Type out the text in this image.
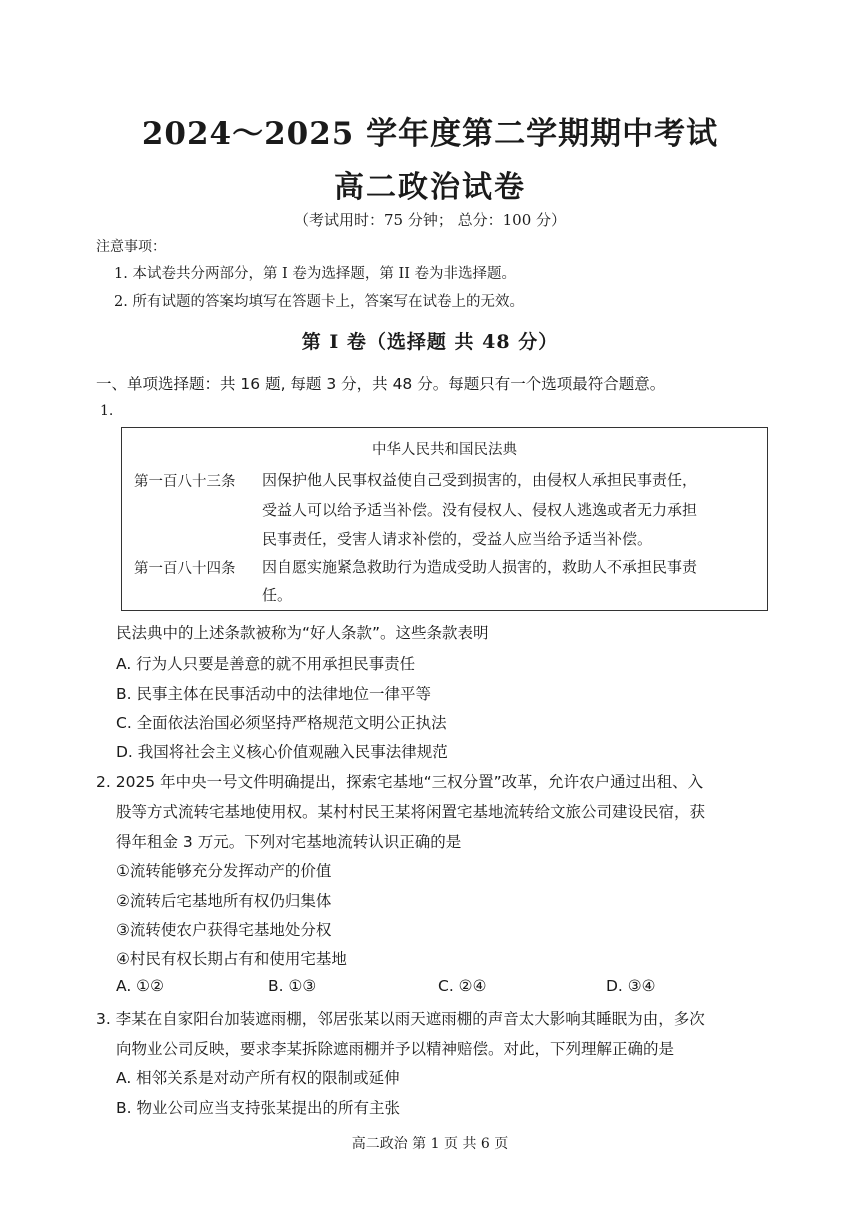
2024～2025 学年度第二学期期中考试
高二政治试卷
（考试用时：75 分钟； 总分：100 分）
注意事项：
1. 本试卷共分两部分，第 I 卷为选择题，第 II 卷为非选择题。
2. 所有试题的答案均填写在答题卡上，答案写在试卷上的无效。
第 I 卷（选择题 共 48 分）
一、单项选择题：共 16 题, 每题 3 分，共 48 分。每题只有一个选项最符合题意。
1.
中华人民共和国民法典
第一百八十三条 因保护他人民事权益使自己受到损害的，由侵权人承担民事责任，
受益人可以给予适当补偿。没有侵权人、侵权人逃逸或者无力承担
民事责任，受害人请求补偿的，受益人应当给予适当补偿。
第一百八十四条 因自愿实施紧急救助行为造成受助人损害的，救助人不承担民事责
任。
民法典中的上述条款被称为“好人条款”。这些条款表明
A. 行为人只要是善意的就不用承担民事责任
B. 民事主体在民事活动中的法律地位一律平等
C. 全面依法治国必须坚持严格规范文明公正执法
D. 我国将社会主义核心价值观融入民事法律规范
2. 2025 年中央一号文件明确提出，探索宅基地“三权分置”改革，允许农户通过出租、入
股等方式流转宅基地使用权。某村村民王某将闲置宅基地流转给文旅公司建设民宿，获
得年租金 3 万元。下列对宅基地流转认识正确的是
①流转能够充分发挥动产的价值
②流转后宅基地所有权仍归集体
③流转使农户获得宅基地处分权
④村民有权长期占有和使用宅基地
A. ①②	B. ①③	C. ②④	D. ③④
3. 李某在自家阳台加装遮雨棚，邻居张某以雨天遮雨棚的声音太大影响其睡眠为由，多次
向物业公司反映，要求李某拆除遮雨棚并予以精神赔偿。对此，下列理解正确的是
A. 相邻关系是对动产所有权的限制或延伸
B. 物业公司应当支持张某提出的所有主张
高二政治 第 1 页 共 6 页
